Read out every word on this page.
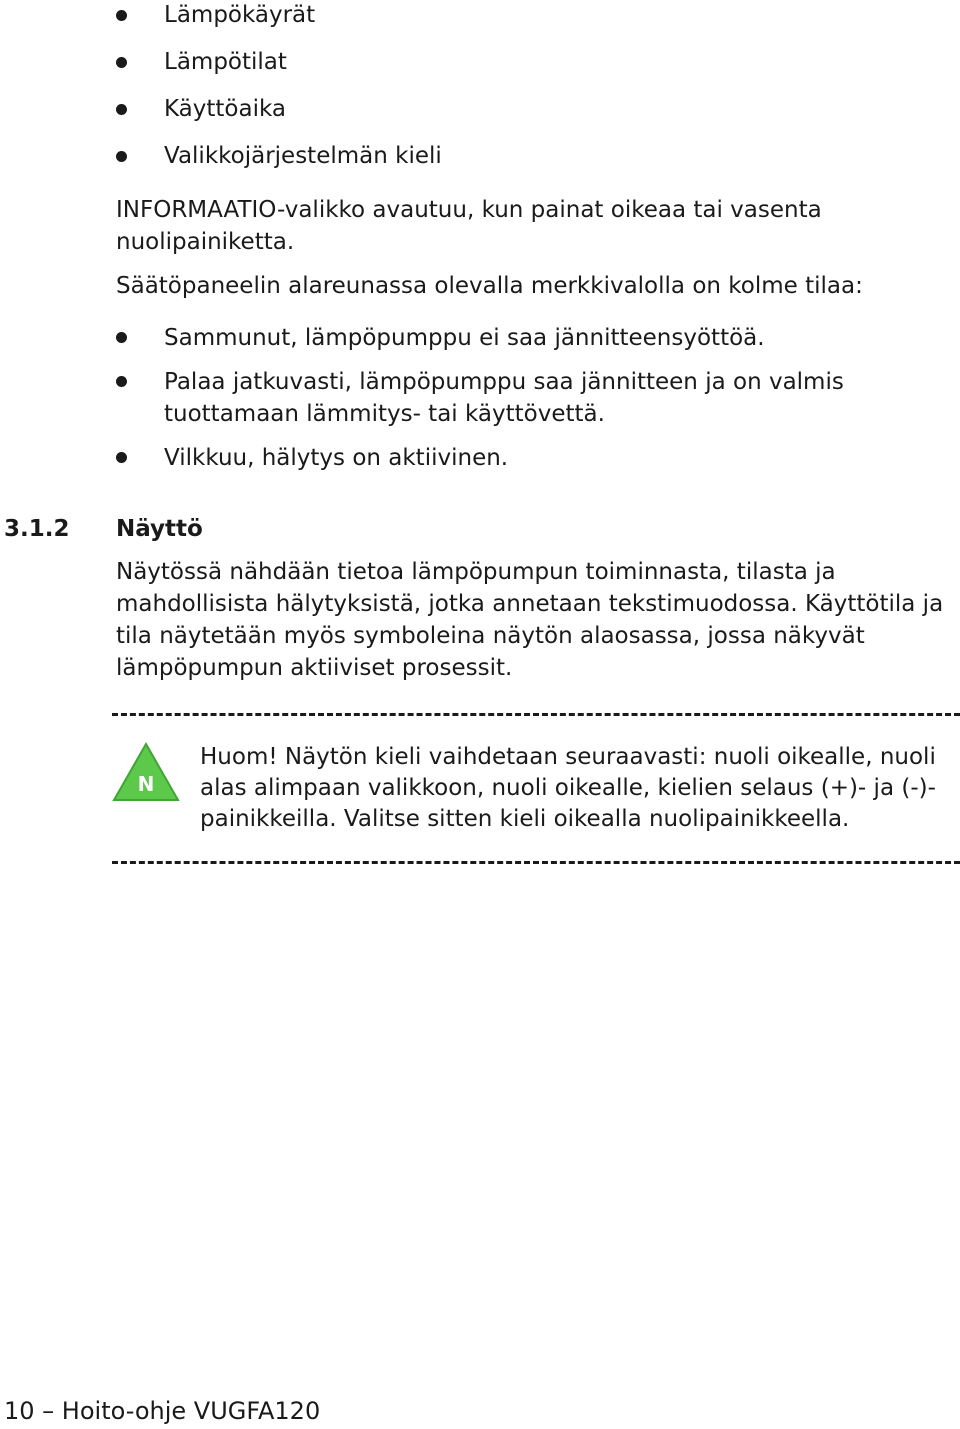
Lämpökäyrät
Lämpötilat
Käyttöaika
Valikkojärjestelmän kieli

INFORMAATIO-valikko avautuu, kun painat oikeaa tai vasenta nuolipainiketta.

Säätöpaneelin alareunassa olevalla merkkivalolla on kolme tilaa:

Sammunut, lämpöpumppu ei saa jännitteensyöttöä.
Palaa jatkuvasti, lämpöpumppu saa jännitteen ja on valmis tuottamaan lämmitys- tai käyttövettä.
Vilkkuu, hälytys on aktiivinen.
3.1.2	Näyttö

Näytössä nähdään tietoa lämpöpumpun toiminnasta, tilasta ja mahdollisista hälytyksistä, jotka annetaan tekstimuodossa. Käyttötila ja tila näytetään myös symboleina näytön alaosassa, jossa näkyvät lämpöpumpun aktiiviset prosessit.

N

Huom! Näytön kieli vaihdetaan seuraavasti: nuoli oikealle, nuoli alas alimpaan valikkoon, nuoli oikealle, kielien selaus (+)- ja (-)-painikkeilla. Valitse sitten kieli oikealla nuolipainikkeella.

10 – Hoito-ohje VUGFA120
